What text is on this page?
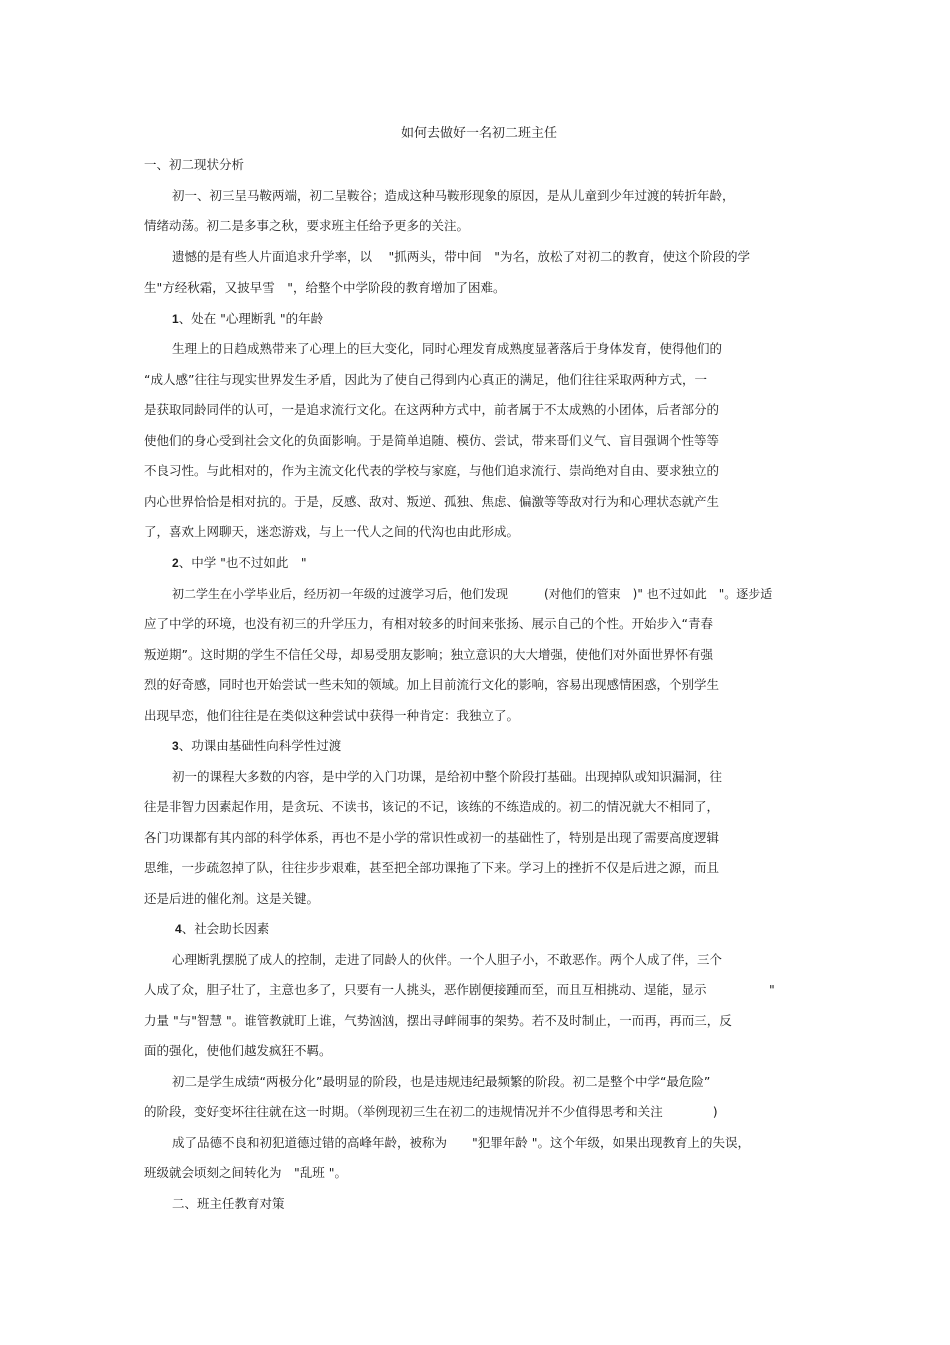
如何去做好一名初二班主任
一、初二现状分析
初一、初三呈马鞍两端，初二呈鞍谷；造成这种马鞍形现象的原因，是从儿童到少年过渡的转折年龄，
情绪动荡。初二是多事之秋，要求班主任给予更多的关注。
遗憾的是有些人片面追求升学率，以　 "抓两头，带中间　"为名，放松了对初二的教育，使这个阶段的学
生"方经秋霜，又披早雪　"，给整个中学阶段的教育增加了困难。
1、处在 "心理断乳 "的年龄
生理上的日趋成熟带来了心理上的巨大变化，同时心理发育成熟度显著落后于身体发育，使得他们的
“成人感”往往与现实世界发生矛盾，因此为了使自己得到内心真正的满足，他们往往采取两种方式，一
是获取同龄同伴的认可，一是追求流行文化。在这两种方式中，前者属于不太成熟的小团体，后者部分的
使他们的身心受到社会文化的负面影响。于是简单追随、模仿、尝试，带来哥们义气、盲目强调个性等等
不良习性。与此相对的，作为主流文化代表的学校与家庭，与他们追求流行、崇尚绝对自由、要求独立的
内心世界恰恰是相对抗的。于是，反感、敌对、叛逆、孤独、焦虑、偏激等等敌对行为和心理状态就产生
了，喜欢上网聊天，迷恋游戏，与上一代人之间的代沟也由此形成。
2、中学 "也不过如此　"
初二学生在小学毕业后，经历初一年级的过渡学习后，他们发现　　　(对他们的管束　)" 也不过如此　"。逐步适
应了中学的环境，也没有初三的升学压力，有相对较多的时间来张扬、展示自己的个性。开始步入“青春
叛逆期”。这时期的学生不信任父母，却易受朋友影响；独立意识的大大增强，使他们对外面世界怀有强
烈的好奇感，同时也开始尝试一些未知的领域。加上目前流行文化的影响，容易出现感情困惑，个别学生
出现早恋，他们往往是在类似这种尝试中获得一种肯定：我独立了。
3、功课由基础性向科学性过渡
初一的课程大多数的内容，是中学的入门功课，是给初中整个阶段打基础。出现掉队或知识漏洞，往
往是非智力因素起作用，是贪玩、不读书，该记的不记，该练的不练造成的。初二的情况就大不相同了，
各门功课都有其内部的科学体系，再也不是小学的常识性或初一的基础性了，特别是出现了需要高度逻辑
思维，一步疏忽掉了队，往往步步艰难，甚至把全部功课拖了下来。学习上的挫折不仅是后进之源，而且
还是后进的催化剂。这是关键。
4、社会助长因素
心理断乳摆脱了成人的控制，走进了同龄人的伙伴。一个人胆子小，不敢恶作。两个人成了伴，三个
人成了众，胆子壮了，主意也多了，只要有一人挑头，恶作剧便接踵而至，而且互相挑动、逞能，显示　　　　　"
力量 "与"智慧 "。谁管教就盯上谁，气势汹汹，摆出寻衅闹事的架势。若不及时制止，一而再，再而三，反
面的强化，使他们越发疯狂不羁。
初二是学生成绩“两极分化”最明显的阶段，也是违规违纪最频繁的阶段。初二是整个中学“最危险”
的阶段，变好变坏往往就在这一时期。（举例现初三生在初二的违规情况并不少值得思考和关注　　　　)
成了品德不良和初犯道德过错的高峰年龄，被称为　　"犯罪年龄 "。这个年级，如果出现教育上的失误，
班级就会顷刻之间转化为　"乱班 "。
二、班主任教育对策
